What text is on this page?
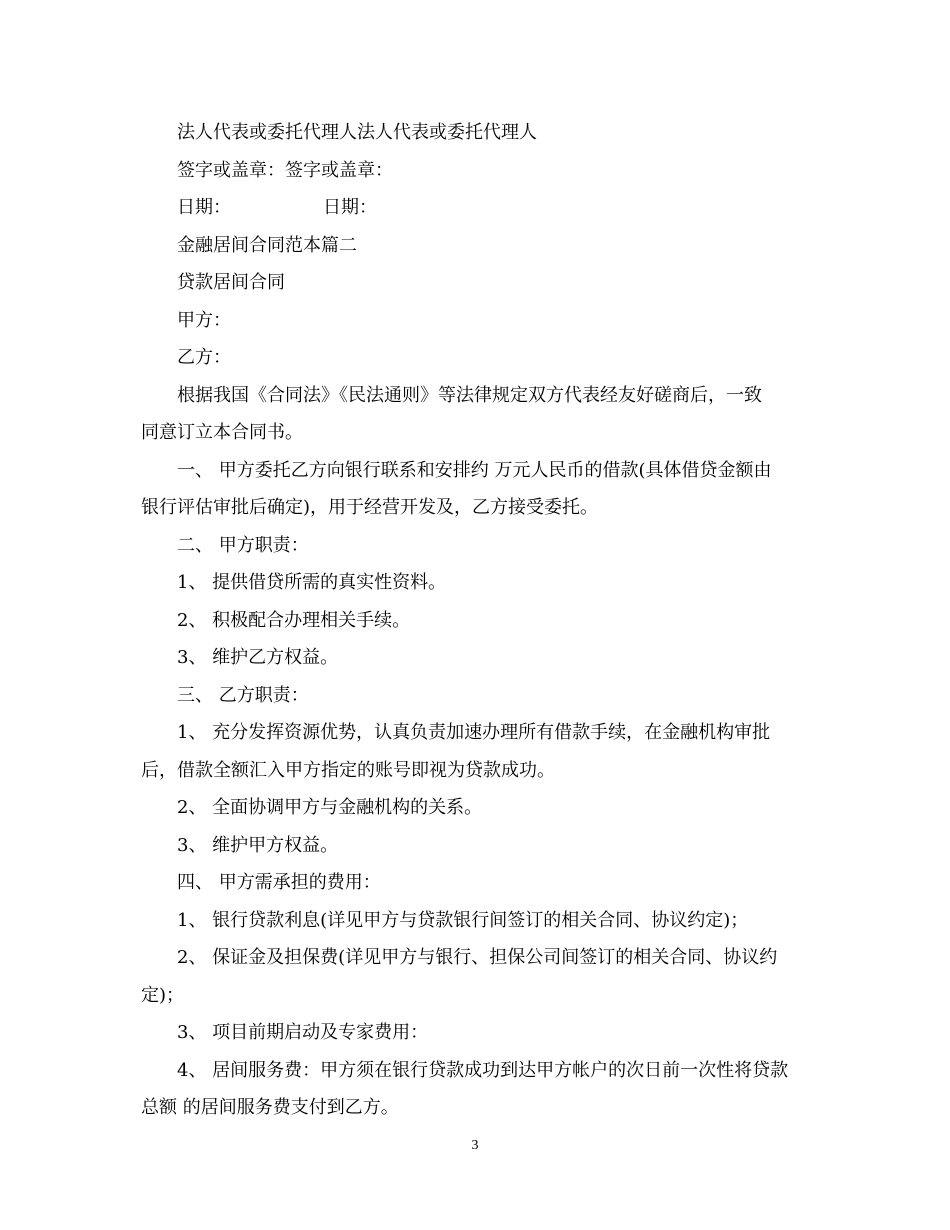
法人代表或委托代理人法人代表或委托代理人

签字或盖章：签字或盖章：

日期：	日期：

金融居间合同范本篇二

贷款居间合同

甲方：

乙方：

根据我国《合同法》《民法通则》等法律规定双方代表经友好磋商后，一致

同意订立本合同书。

一、 甲方委托乙方向银行联系和安排约 万元人民币的借款(具体借贷金额由

银行评估审批后确定)，用于经营开发及，乙方接受委托。

二、 甲方职责：

1、 提供借贷所需的真实性资料。

2、 积极配合办理相关手续。

3、 维护乙方权益。

三、 乙方职责：

1、 充分发挥资源优势，认真负责加速办理所有借款手续，在金融机构审批

后，借款全额汇入甲方指定的账号即视为贷款成功。

2、 全面协调甲方与金融机构的关系。

3、 维护甲方权益。

四、 甲方需承担的费用：

1、 银行贷款利息(详见甲方与贷款银行间签订的相关合同、协议约定)；

2、 保证金及担保费(详见甲方与银行、担保公司间签订的相关合同、协议约

定)；

3、 项目前期启动及专家费用：

4、 居间服务费：甲方须在银行贷款成功到达甲方帐户的次日前一次性将贷款

总额 的居间服务费支付到乙方。

3
